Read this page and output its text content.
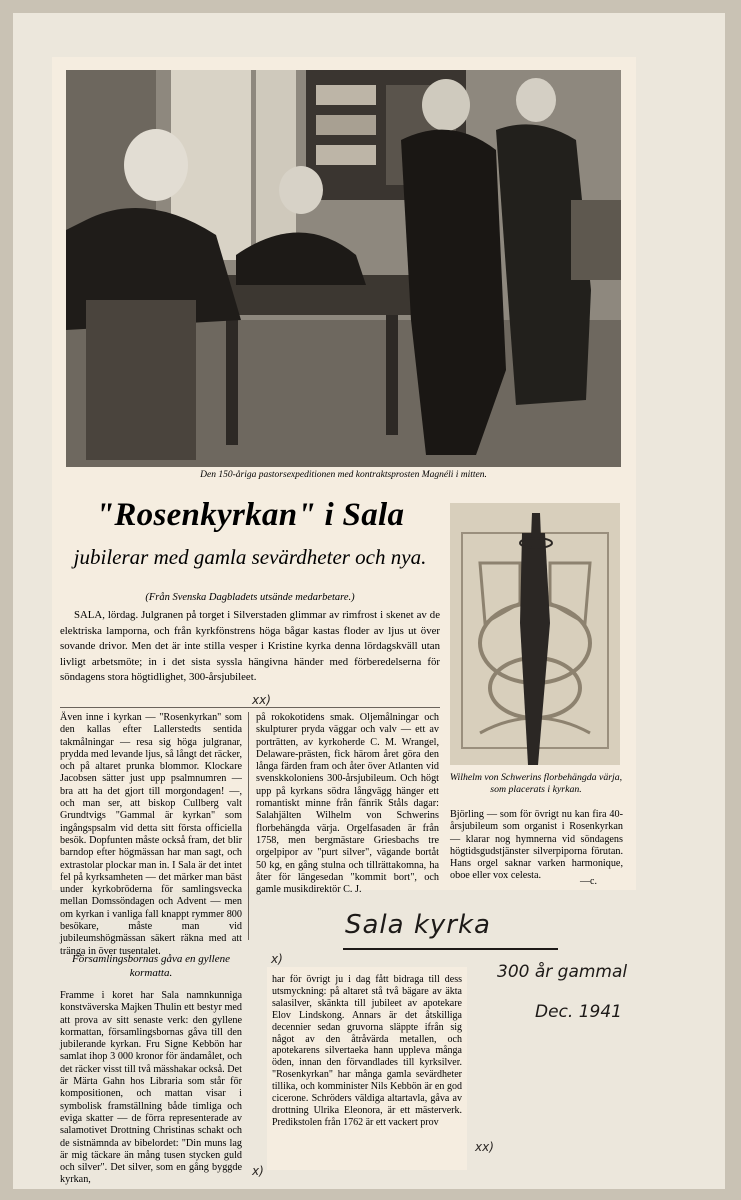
Den 150-åriga pastorsexpeditionen med kontraktsprosten Magnéli i mitten.
"Rosenkyrkan" i Sala
jubilerar med gamla sevärdheter och nya.
(Från Svenska Dagbladets utsände medarbetare.)

SALA, lördag. Julgranen på torget i Silverstaden glimmar av rimfrost i skenet av de elektriska lamporna, och från kyrkfönstrens höga bågar kastas floder av ljus ut över sovande drivor. Men det är inte stilla vesper i Kristine kyrka denna lördagskväll utan livligt arbetsmöte; in i det sista syssla hängivna händer med förberedelserna för söndagens stora högtidlighet, 300-årsjubileet.

Även inne i kyrkan — "Rosenkyrkan" som den kallas efter Lallerstedts sentida takmålningar — resa sig höga julgranar, prydda med levande ljus, så långt det räcker, och på altaret prunka blommor. Klockare Jacobsen sätter just upp psalmnumren — bra att ha det gjort till morgondagen! —, och man ser, att biskop Cullberg valt Grundtvigs "Gammal är kyrkan" som ingångspsalm vid detta sitt första officiella besök. Dopfunten måste också fram, det blir barndop efter högmässan har man sagt, och extrastolar plockar man in. I Sala är det intet fel på kyrksamheten — det märker man bäst under kyrkobröderna för samlingsvecka mellan Domssöndagen och Advent — men om kyrkan i vanliga fall knappt rymmer 800 besökare, måste man vid jubileumshögmässan säkert räkna med att tränga in över tusentalet.

på rokokotidens smak. Oljemålningar och skulpturer pryda väggar och valv — ett av porträtten, av kyrkoherde C. M. Wrangel, Delaware-prästen, fick härom året göra den långa färden fram och åter över Atlanten vid svenskkoloniens 300-årsjubileum. Och högt upp på kyrkans södra långvägg hänger ett romantiskt minne från fänrik Ståls dagar: Salahjälten Wilhelm von Schwerins florbehängda värja. Orgelfasaden är från 1758, men bergmästare Griesbachs tre orgelpipor av "purt silver", vägande bortåt 50 kg, en gång stulna och tillrättakomna, ha åter för längesedan "kommit bort", och gamle musikdirektör C. J.

Wilhelm von Schwerins florbehängda värja, som placerats i kyrkan.

Björling — som för övrigt nu kan fira 40-årsjubileum som organist i Rosenkyrkan — klarar nog hymnerna vid söndagens högtidsgudstjänster silverpiporna förutan. Hans orgel saknar varken harmonique, oboe eller vox celesta.

—c.
Församlingsbornas gåva en gyllene kormatta.

Framme i koret har Sala namnkunniga konstväverska Majken Thulin ett bestyr med att prova av sitt senaste verk: den gyllene kormattan, församlingsbornas gåva till den jubilerande kyrkan. Fru Signe Kebbön har samlat ihop 3 000 kronor för ändamålet, och det räcker visst till två mässhakar också. Det är Märta Gahn hos Libraria som står för kompositionen, och mattan visar i symbolisk framställning både timliga och eviga skatter — de förra representerade av salamotivet Drottning Christinas schakt och de sistnämnda av bibelordet: "Din muns lag är mig täckare än mång tusen stycken guld och silver". Det silver, som en gång byggde kyrkan,

har för övrigt ju i dag fått bidraga till dess utsmyckning: på altaret stå två bägare av äkta salasilver, skänkta till jubileet av apotekare Elov Lindskong. Annars är det åtskilliga decennier sedan gruvorna släppte ifrån sig något av den åtråvärda metallen, och apotekarens silvertaeka hann uppleva många öden, innan den förvandlades till kyrksilver. "Rosenkyrkan" har många gamla sevärdheter tillika, och komminister Nils Kebbön är en god cicerone. Schröders väldiga altartavla, gåva av drottning Ulrika Eleonora, är ett mästerverk. Predikstolen från 1762 är ett vackert prov

Sala kyrka
300 år gammal
Dec. 1941
xx)
x)
x)
xx)
